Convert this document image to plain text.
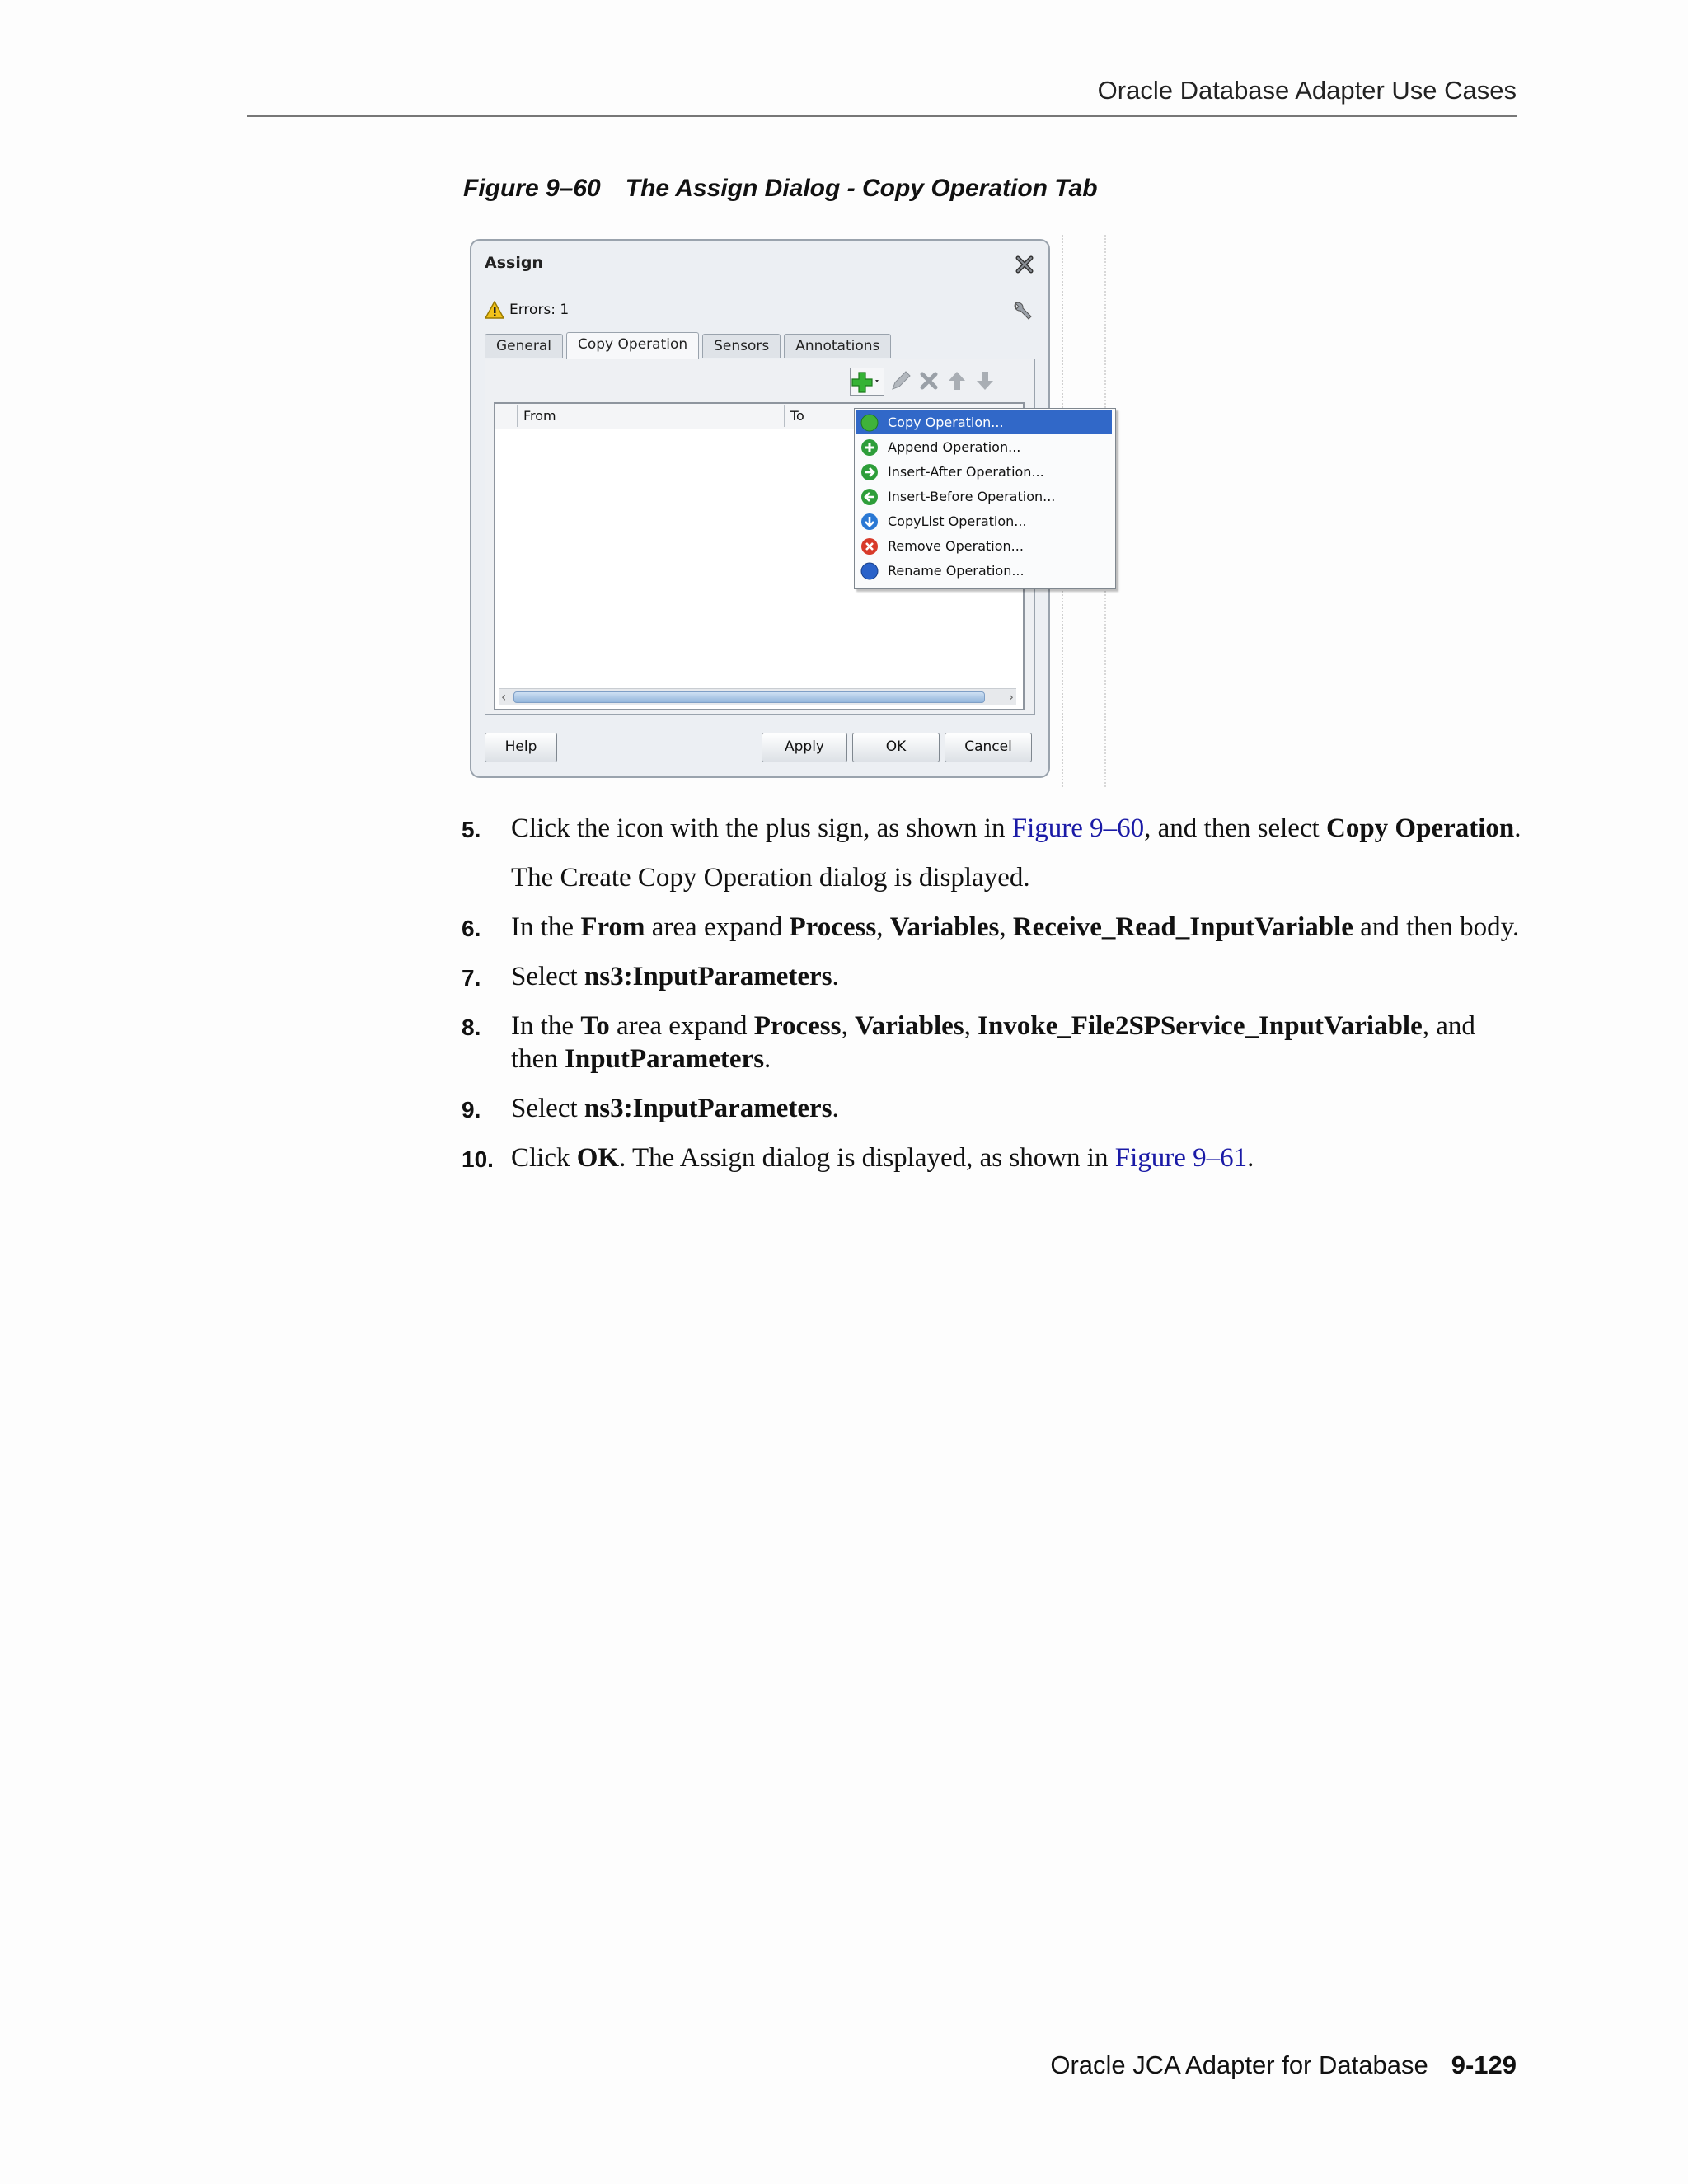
Oracle Database Adapter Use Cases
Figure 9–60 The Assign Dialog - Copy Operation Tab
Assign
Errors: 1
General	Copy Operation	Sensors	Annotations
From	To
‹	›
Help	Apply	OK	Cancel
Copy Operation...
Append Operation...
Insert-After Operation...
Insert-Before Operation...
CopyList Operation...
Remove Operation...
Rename Operation...
5. Click the icon with the plus sign, as shown in Figure 9–60, and then select Copy Operation.
The Create Copy Operation dialog is displayed.
6. In the From area expand Process, Variables, Receive_Read_InputVariable and then body.
7. Select ns3:InputParameters.
8. In the To area expand Process, Variables, Invoke_File2SPService_InputVariable, and then InputParameters.
9. Select ns3:InputParameters.
10. Click OK. The Assign dialog is displayed, as shown in Figure 9–61.
Oracle JCA Adapter for Database 9-129
